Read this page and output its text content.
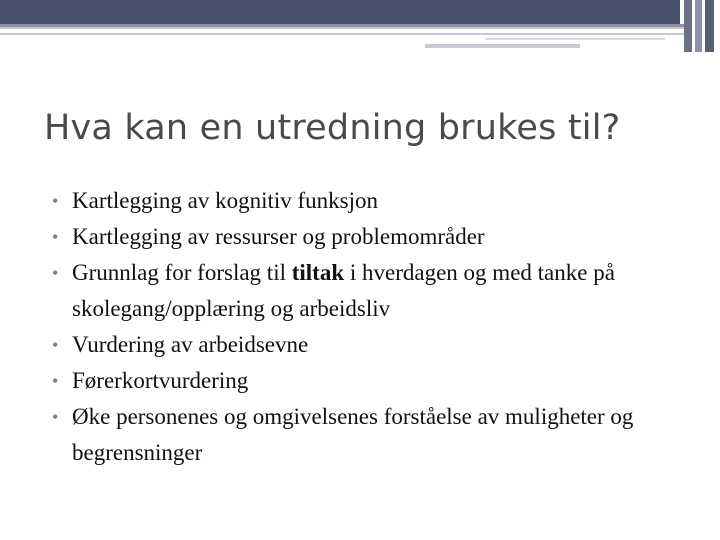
Hva kan en utredning brukes til?
• Kartlegging av kognitiv funksjon
• Kartlegging av ressurser og problemområder
• Grunnlag for forslag til tiltak i hverdagen og med tanke på skolegang/opplæring og arbeidsliv
• Vurdering av arbeidsevne
• Førerkortvurdering
• Øke personenes og omgivelsenes forståelse av muligheter og begrensninger
